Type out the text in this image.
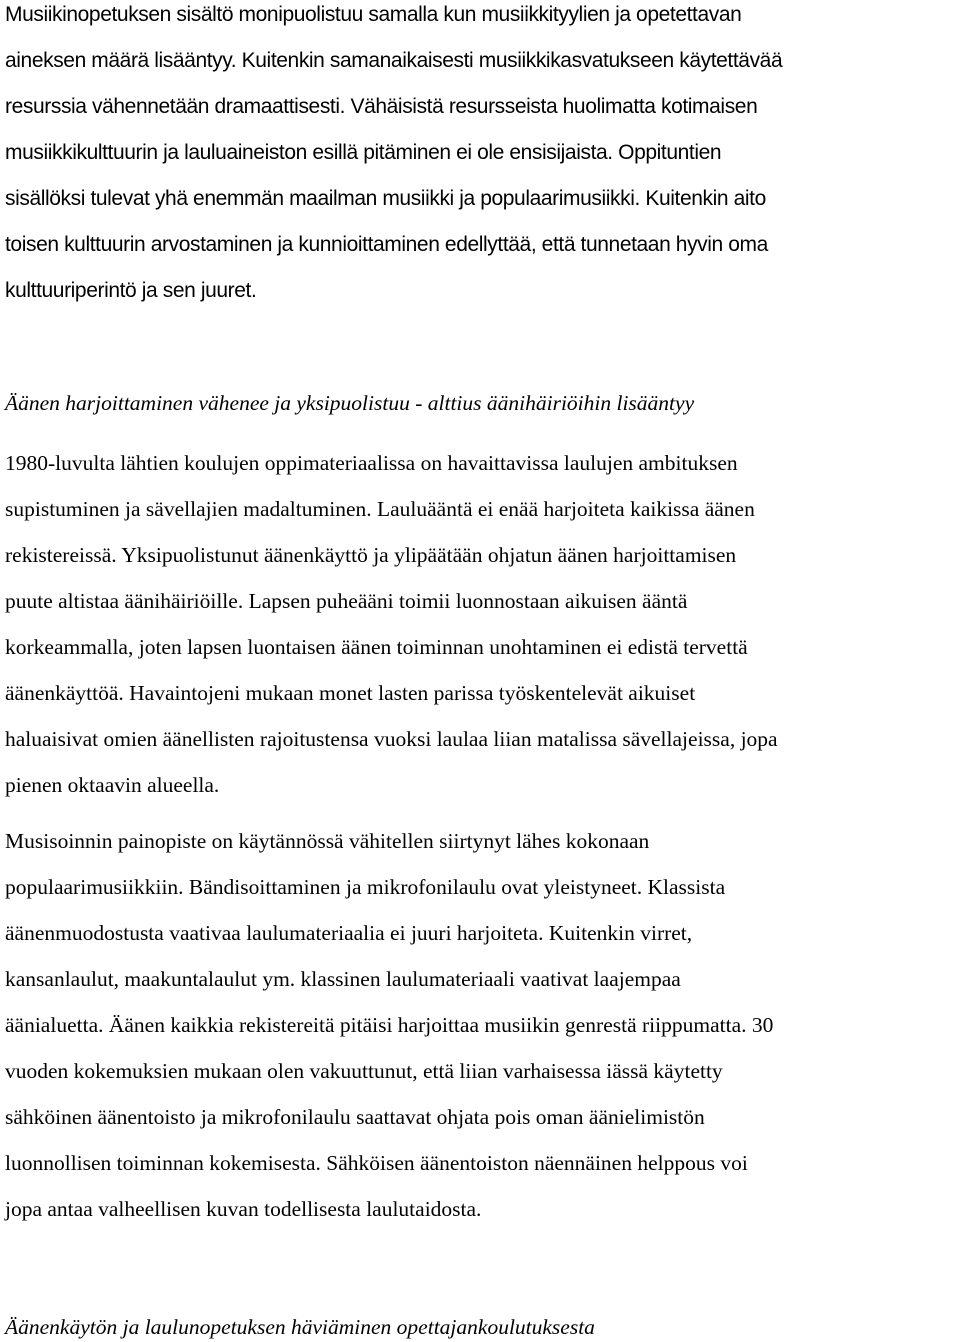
Musiikinopetuksen sisältö monipuolistuu samalla kun musiikkityylien ja opetettavan
aineksen määrä lisääntyy. Kuitenkin samanaikaisesti musiikkikasvatukseen käytettävää
resurssia vähennetään dramaattisesti. Vähäisistä resursseista huolimatta kotimaisen
musiikkikulttuurin ja lauluaineiston esillä pitäminen ei ole ensisijaista. Oppituntien
sisällöksi tulevat yhä enemmän maailman musiikki ja populaarimusiikki. Kuitenkin aito
toisen kulttuurin arvostaminen ja kunnioittaminen edellyttää, että tunnetaan hyvin oma
kulttuuriperintö ja sen juuret.
Äänen harjoittaminen vähenee ja yksipuolistuu - alttius äänihäiriöihin lisääntyy
1980-luvulta lähtien koulujen oppimateriaalissa on havaittavissa laulujen ambituksen
supistuminen ja sävellajien madaltuminen. Lauluääntä ei enää harjoiteta kaikissa äänen
rekistereissä. Yksipuolistunut äänenkäyttö ja ylipäätään ohjatun äänen harjoittamisen
puute altistaa äänihäiriöille. Lapsen puheääni toimii luonnostaan aikuisen ääntä
korkeammalla, joten lapsen luontaisen äänen toiminnan unohtaminen ei edistä tervettä
äänenkäyttöä. Havaintojeni mukaan monet lasten parissa työskentelevät aikuiset
haluaisivat omien äänellisten rajoitustensa vuoksi laulaa liian matalissa sävellajeissa, jopa
pienen oktaavin alueella.
Musisoinnin painopiste on käytännössä vähitellen siirtynyt lähes kokonaan
populaarimusiikkiin. Bändisoittaminen ja mikrofonilaulu ovat yleistyneet. Klassista
äänenmuodostusta vaativaa laulumateriaalia ei juuri harjoiteta. Kuitenkin virret,
kansanlaulut, maakuntalaulut ym. klassinen laulumateriaali vaativat laajempaa
äänialuetta. Äänen kaikkia rekistereitä pitäisi harjoittaa musiikin genrestä riippumatta. 30
vuoden kokemuksien mukaan olen vakuuttunut, että liian varhaisessa iässä käytetty
sähköinen äänentoisto ja mikrofonilaulu saattavat ohjata pois oman äänielimistön
luonnollisen toiminnan kokemisesta. Sähköisen äänentoiston näennäinen helppous voi
jopa antaa valheellisen kuvan todellisesta laulutaidosta.
Äänenkäytön ja laulunopetuksen häviäminen opettajankoulutuksesta
